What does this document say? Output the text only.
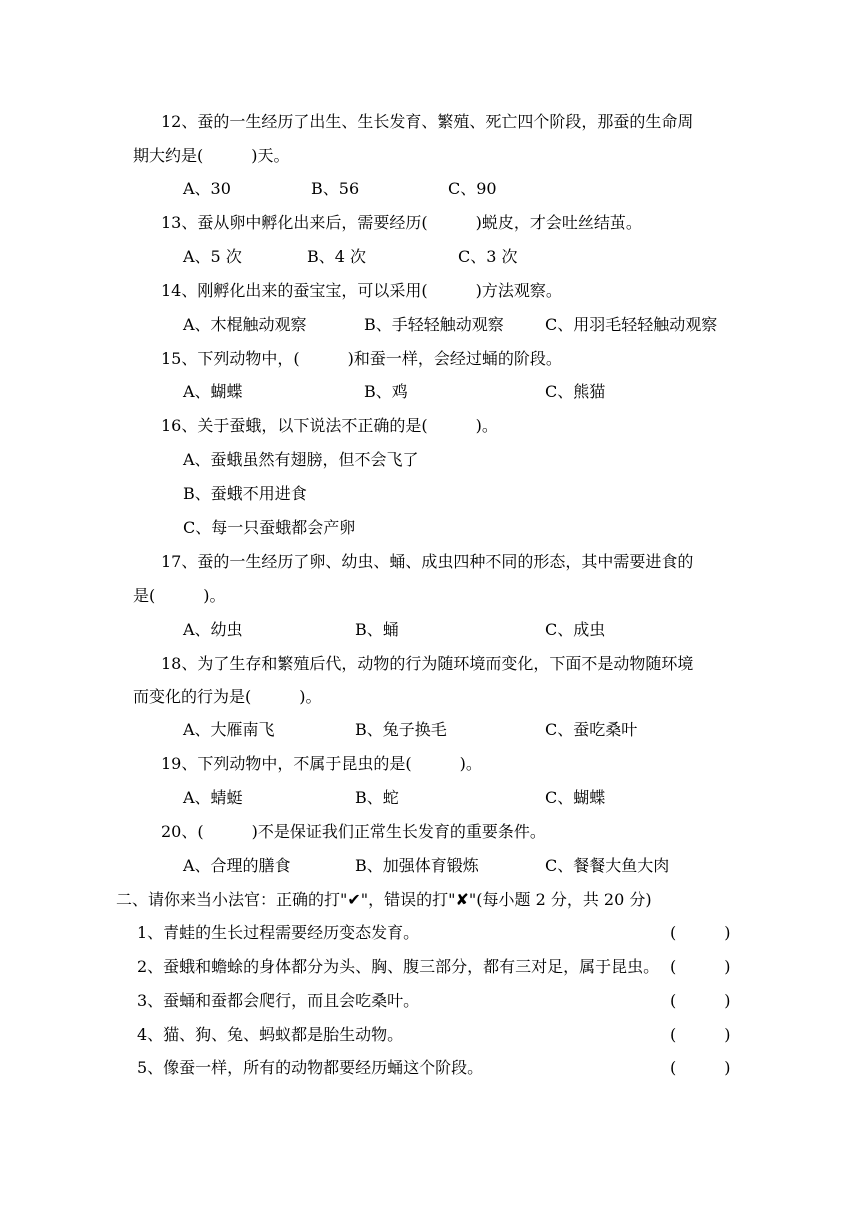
12、蚕的一生经历了出生、生长发育、繁殖、死亡四个阶段，那蚕的生命周
期大约是(　　　)天。
A、30	B、56	C、90
13、蚕从卵中孵化出来后，需要经历(　　　)蜕皮，才会吐丝结茧。
A、5 次	B、4 次	C、3 次
14、刚孵化出来的蚕宝宝，可以采用(　　　)方法观察。
A、木棍触动观察	B、手轻轻触动观察	C、用羽毛轻轻触动观察
15、下列动物中，(　　　)和蚕一样，会经过蛹的阶段。
A、蝴蝶	B、鸡	C、熊猫
16、关于蚕蛾，以下说法不正确的是(　　　)。
A、蚕蛾虽然有翅膀，但不会飞了
B、蚕蛾不用进食
C、每一只蚕蛾都会产卵
17、蚕的一生经历了卵、幼虫、蛹、成虫四种不同的形态，其中需要进食的
是(　　　)。
A、幼虫	B、蛹	C、成虫
18、为了生存和繁殖后代，动物的行为随环境而变化，下面不是动物随环境
而变化的行为是(　　　)。
A、大雁南飞	B、兔子换毛	C、蚕吃桑叶
19、下列动物中，不属于昆虫的是(　　　)。
A、蜻蜓	B、蛇	C、蝴蝶
20、(　　　)不是保证我们正常生长发育的重要条件。
A、合理的膳食	B、加强体育锻炼	C、餐餐大鱼大肉
二、请你来当小法官：正确的打"✔"，错误的打"✘"(每小题 2 分，共 20 分)
1、青蛙的生长过程需要经历变态发育。	(　　　)
2、蚕蛾和蟾蜍的身体都分为头、胸、腹三部分，都有三对足，属于昆虫。 (　　　)
3、蚕蛹和蚕都会爬行，而且会吃桑叶。	(　　　)
4、猫、狗、兔、蚂蚁都是胎生动物。	(　　　)
5、像蚕一样，所有的动物都要经历蛹这个阶段。	(　　　)
